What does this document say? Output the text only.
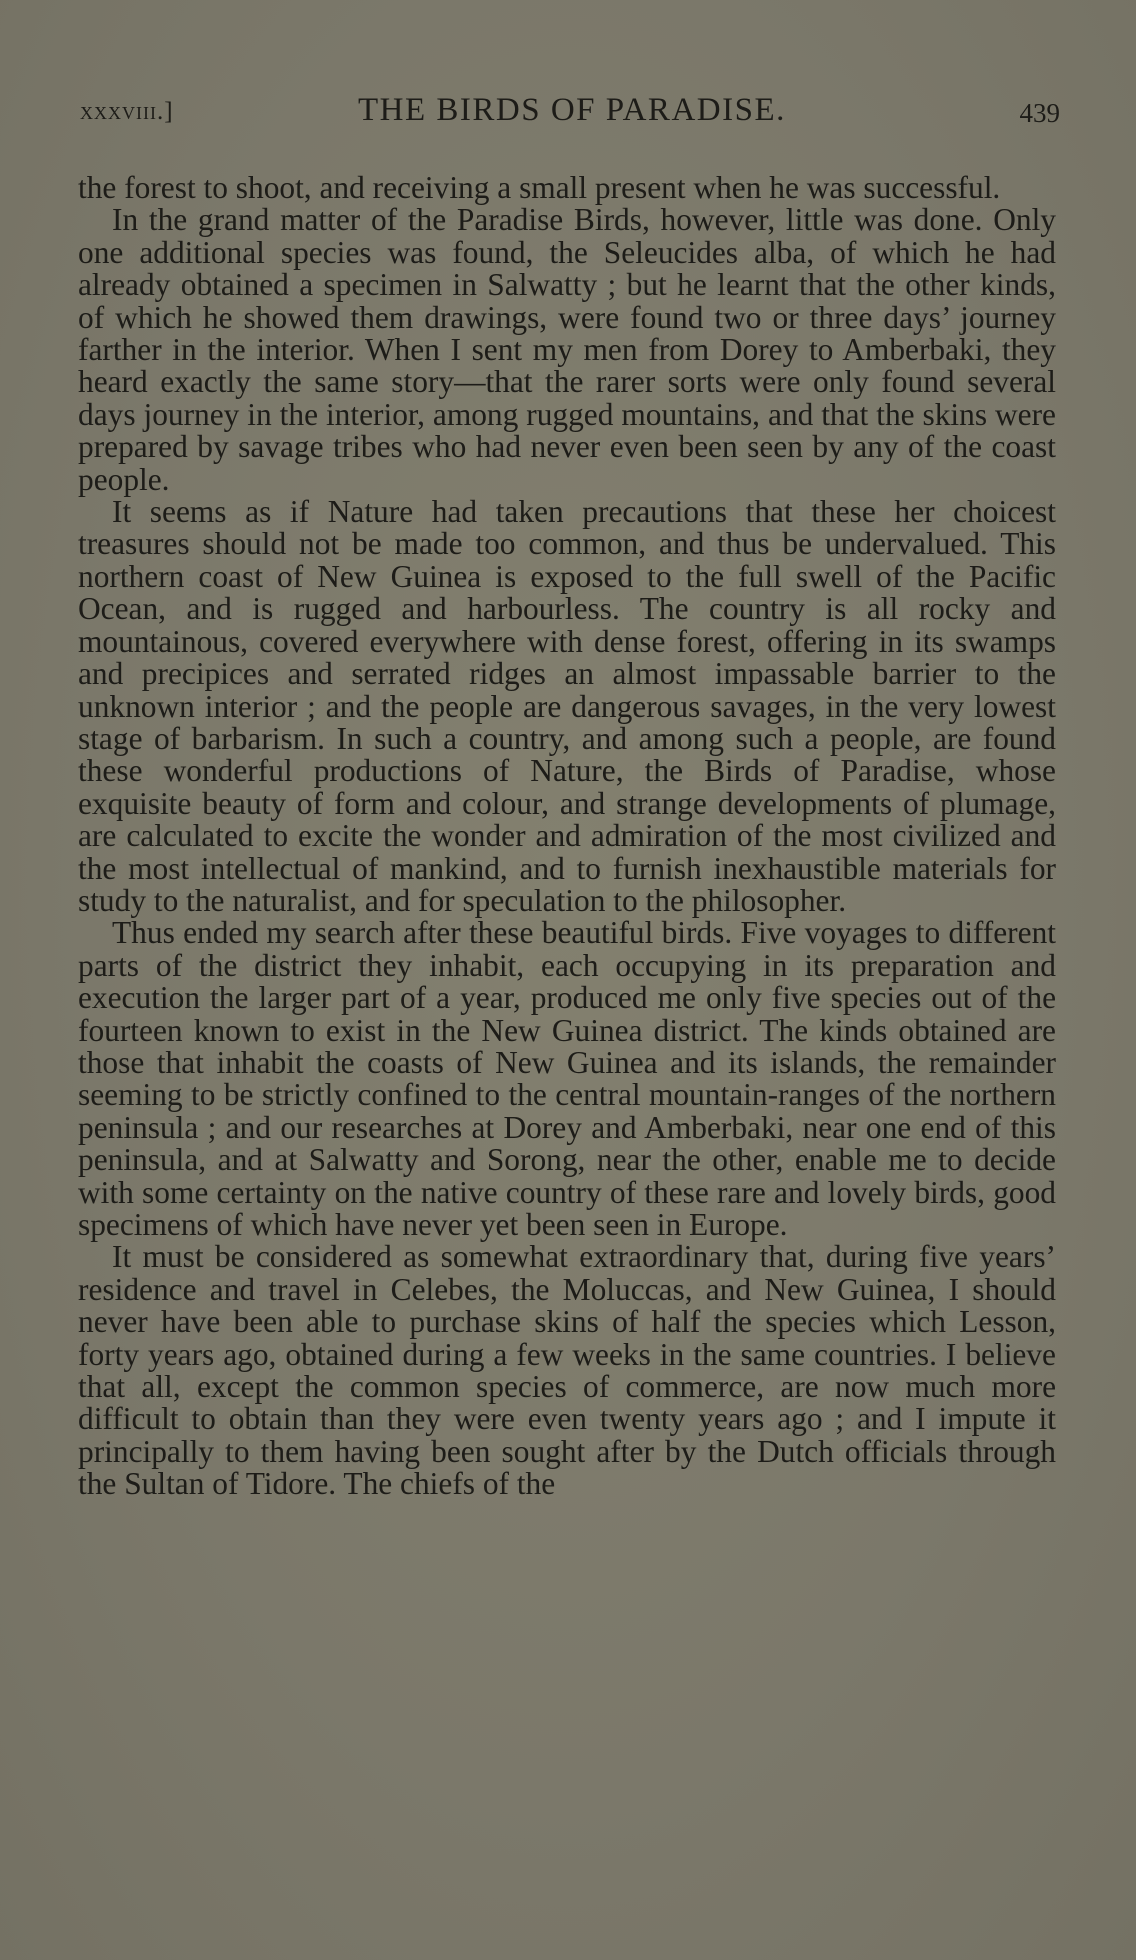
xxxviii.]	THE BIRDS OF PARADISE.	439

the forest to shoot, and receiving a small present when he was successful.

In the grand matter of the Paradise Birds, however, little was done. Only one additional species was found, the Seleucides alba, of which he had already obtained a specimen in Salwatty ; but he learnt that the other kinds, of which he showed them drawings, were found two or three days’ journey farther in the interior. When I sent my men from Dorey to Amberbaki, they heard exactly the same story—that the rarer sorts were only found several days journey in the interior, among rugged mountains, and that the skins were prepared by savage tribes who had never even been seen by any of the coast people.

It seems as if Nature had taken precautions that these her choicest treasures should not be made too common, and thus be undervalued. This northern coast of New Guinea is exposed to the full swell of the Pacific Ocean, and is rugged and harbourless. The country is all rocky and mountainous, covered everywhere with dense forest, offering in its swamps and precipices and serrated ridges an almost impassable barrier to the unknown interior ; and the people are dangerous savages, in the very lowest stage of barbarism. In such a country, and among such a people, are found these wonderful productions of Nature, the Birds of Paradise, whose exquisite beauty of form and colour, and strange developments of plumage, are calculated to excite the wonder and admiration of the most civilized and the most intellectual of mankind, and to furnish inexhaustible materials for study to the naturalist, and for speculation to the philosopher.

Thus ended my search after these beautiful birds. Five voyages to different parts of the district they inhabit, each occupying in its preparation and execution the larger part of a year, produced me only five species out of the fourteen known to exist in the New Guinea district. The kinds obtained are those that inhabit the coasts of New Guinea and its islands, the remainder seeming to be strictly confined to the central mountain-ranges of the northern peninsula ; and our researches at Dorey and Amberbaki, near one end of this peninsula, and at Salwatty and Sorong, near the other, enable me to decide with some certainty on the native country of these rare and lovely birds, good specimens of which have never yet been seen in Europe.

It must be considered as somewhat extraordinary that, during five years’ residence and travel in Celebes, the Moluccas, and New Guinea, I should never have been able to purchase skins of half the species which Lesson, forty years ago, obtained during a few weeks in the same countries. I believe that all, except the common species of commerce, are now much more difficult to obtain than they were even twenty years ago ; and I impute it principally to them having been sought after by the Dutch officials through the Sultan of Tidore. The chiefs of the
